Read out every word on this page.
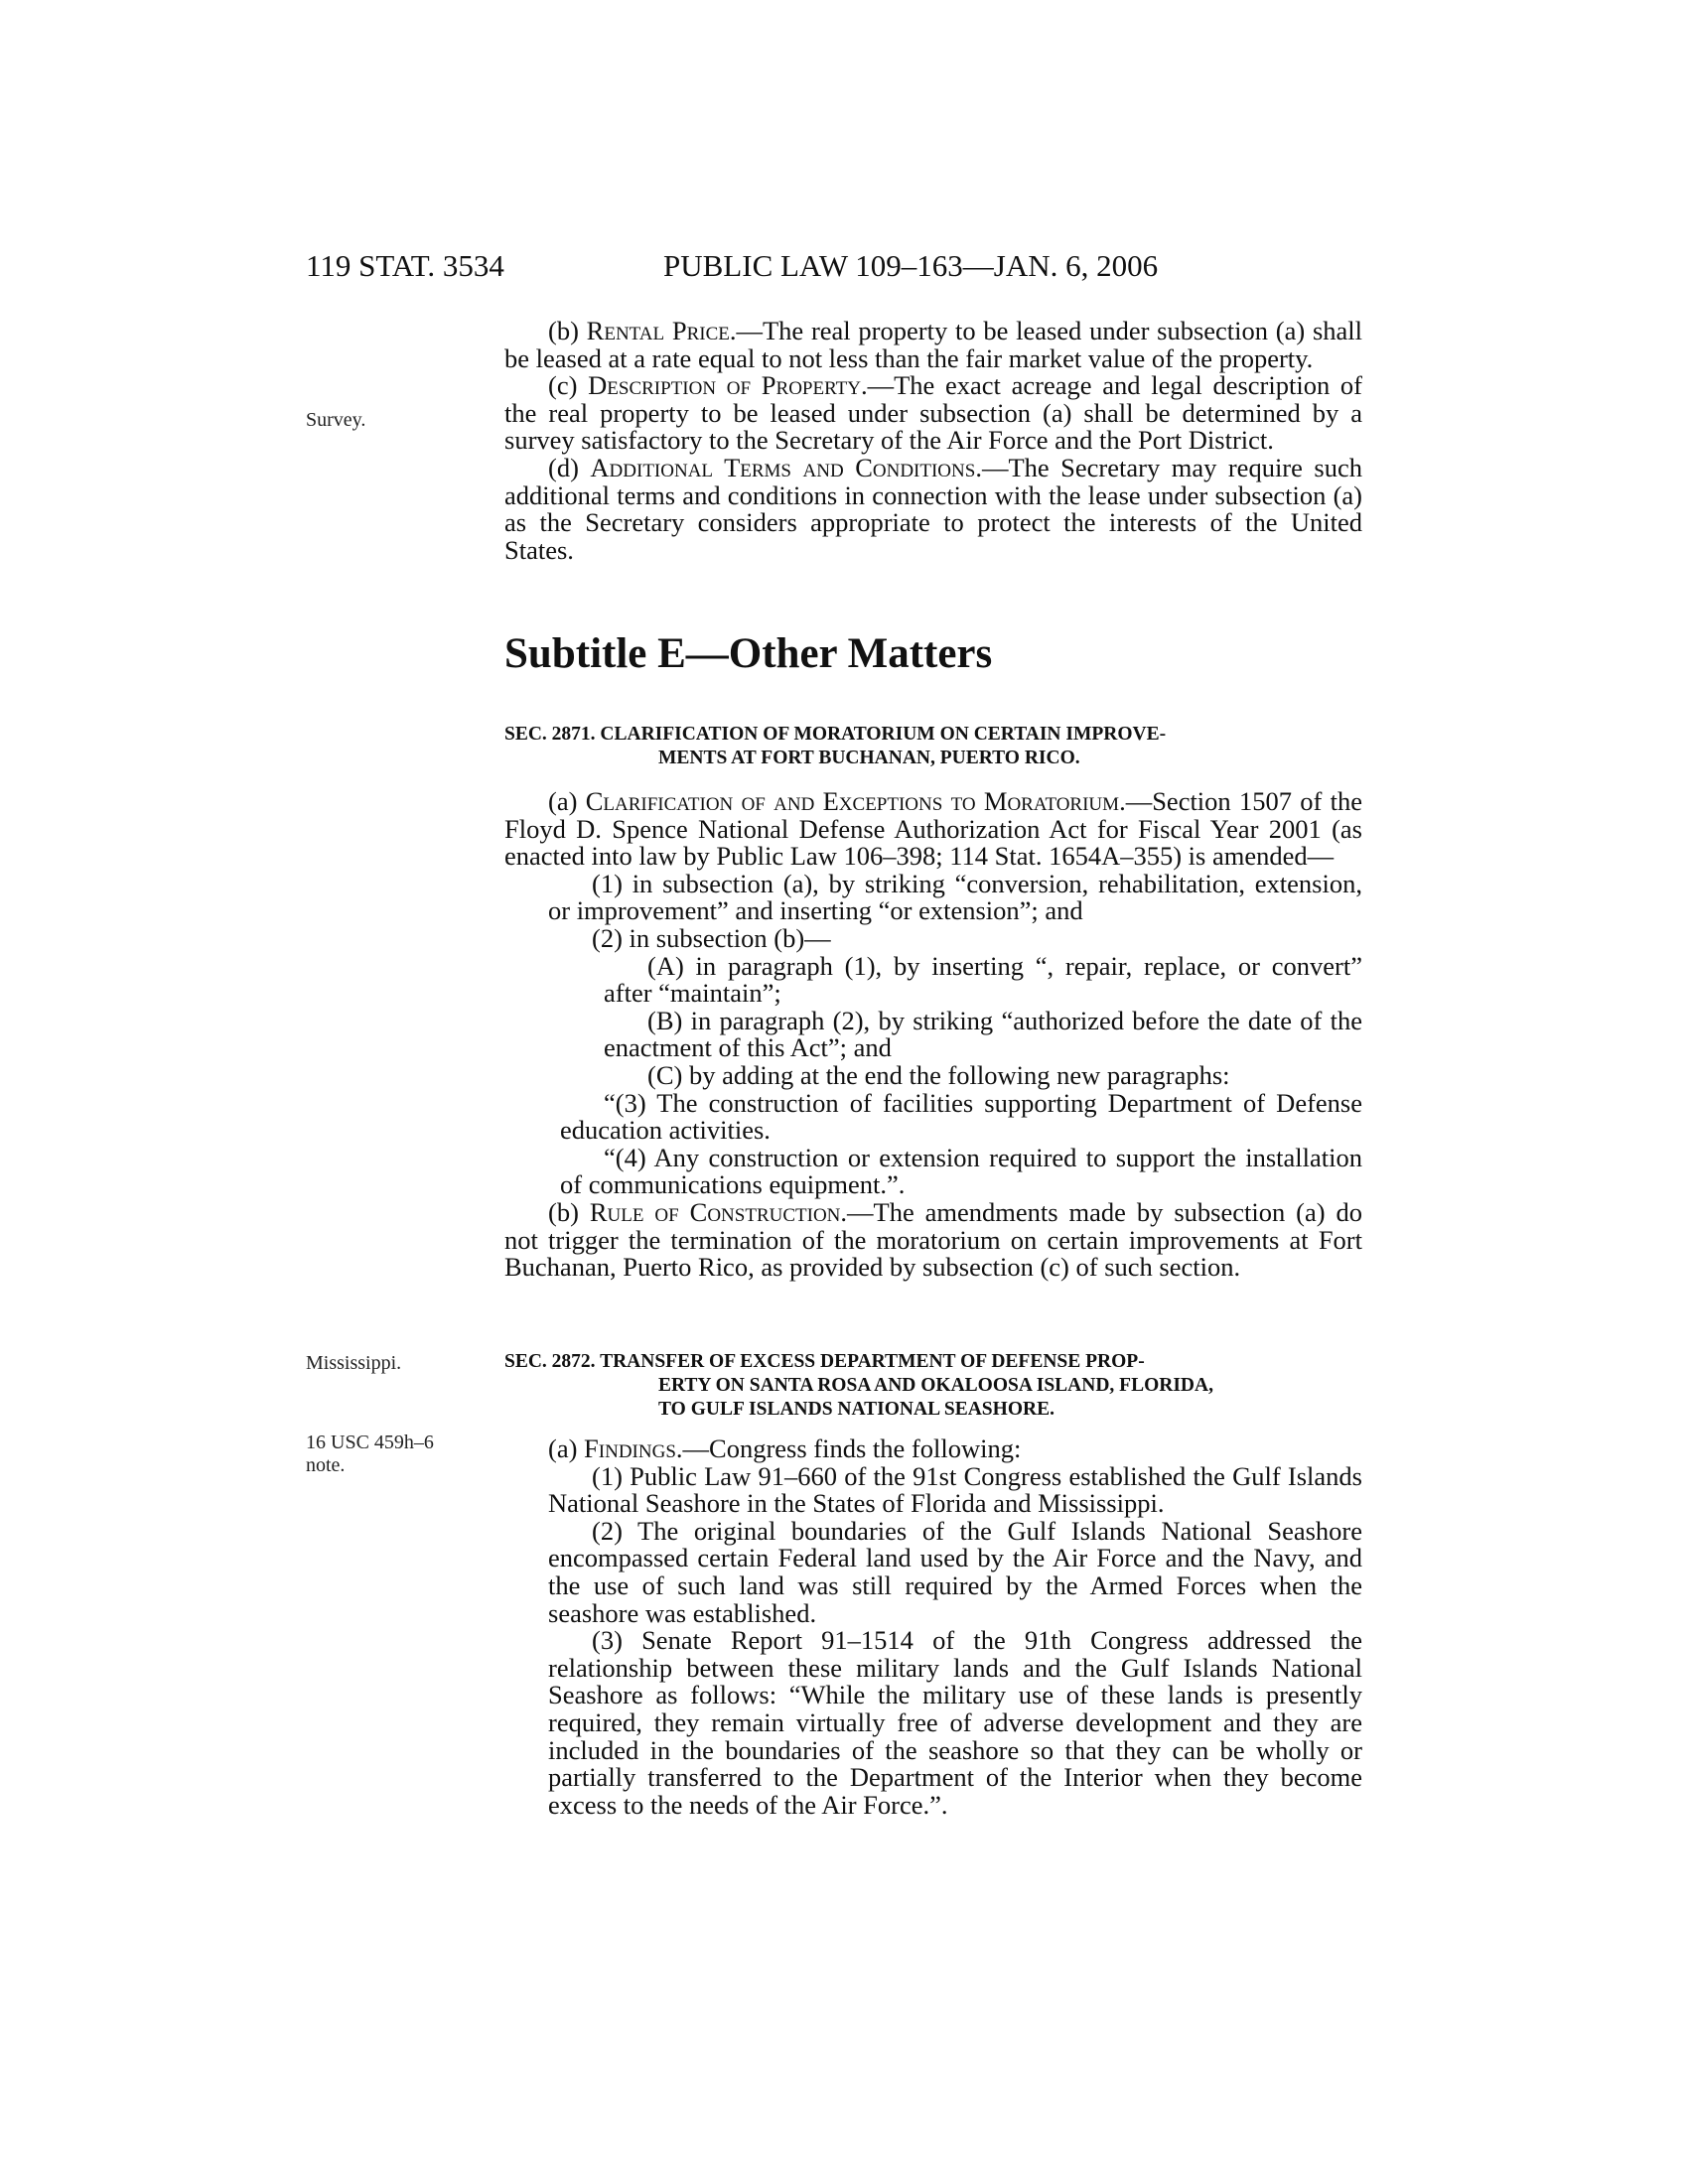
119 STAT. 3534	PUBLIC LAW 109–163—JAN. 6, 2006
Survey.
Mississippi.
16 USC 459h–6
note.

(b) Rental Price.—The real property to be leased under subsection (a) shall be leased at a rate equal to not less than the fair market value of the property.

(c) Description of Property.—The exact acreage and legal description of the real property to be leased under subsection (a) shall be determined by a survey satisfactory to the Secretary of the Air Force and the Port District.

(d) Additional Terms and Conditions.—The Secretary may require such additional terms and conditions in connection with the lease under subsection (a) as the Secretary considers appropriate to protect the interests of the United States.

Subtitle E—Other Matters

SEC. 2871. CLARIFICATION OF MORATORIUM ON CERTAIN IMPROVE-
MENTS AT FORT BUCHANAN, PUERTO RICO.

(a) Clarification of and Exceptions to Moratorium.—Section 1507 of the Floyd D. Spence National Defense Authorization Act for Fiscal Year 2001 (as enacted into law by Public Law 106–398; 114 Stat. 1654A–355) is amended—

(1) in subsection (a), by striking “conversion, rehabilitation, extension, or improvement” and inserting “or extension”; and

(2) in subsection (b)—

(A) in paragraph (1), by inserting “, repair, replace, or convert” after “maintain”;

(B) in paragraph (2), by striking “authorized before the date of the enactment of this Act”; and

(C) by adding at the end the following new paragraphs:

“(3) The construction of facilities supporting Department of Defense education activities.

“(4) Any construction or extension required to support the installation of communications equipment.”.

(b) Rule of Construction.—The amendments made by subsection (a) do not trigger the termination of the moratorium on certain improvements at Fort Buchanan, Puerto Rico, as provided by subsection (c) of such section.

SEC. 2872. TRANSFER OF EXCESS DEPARTMENT OF DEFENSE PROP-
ERTY ON SANTA ROSA AND OKALOOSA ISLAND, FLORIDA,
TO GULF ISLANDS NATIONAL SEASHORE.

(a) Findings.—Congress finds the following:

(1) Public Law 91–660 of the 91st Congress established the Gulf Islands National Seashore in the States of Florida and Mississippi.

(2) The original boundaries of the Gulf Islands National Seashore encompassed certain Federal land used by the Air Force and the Navy, and the use of such land was still required by the Armed Forces when the seashore was established.

(3) Senate Report 91–1514 of the 91th Congress addressed the relationship between these military lands and the Gulf Islands National Seashore as follows: “While the military use of these lands is presently required, they remain virtually free of adverse development and they are included in the boundaries of the seashore so that they can be wholly or partially transferred to the Department of the Interior when they become excess to the needs of the Air Force.”.
